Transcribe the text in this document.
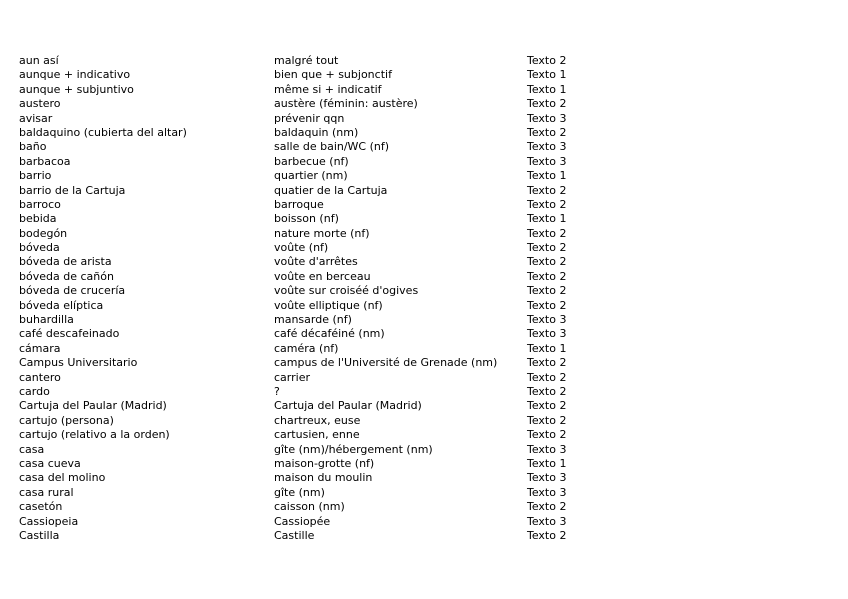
aun así	malgré tout	Texto 2
aunque + indicativo	bien que + subjonctif	Texto 1
aunque + subjuntivo	même si + indicatif	Texto 1
austero	austère (féminin: austère)	Texto 2
avisar	prévenir qqn	Texto 3
baldaquino (cubierta del altar)	baldaquin (nm)	Texto 2
baño	salle de bain/WC (nf)	Texto 3
barbacoa	barbecue (nf)	Texto 3
barrio	quartier (nm)	Texto 1
barrio de la Cartuja	quatier de la Cartuja	Texto 2
barroco	barroque	Texto 2
bebida	boisson (nf)	Texto 1
bodegón	nature morte (nf)	Texto 2
bóveda	voûte (nf)	Texto 2
bóveda de arista	voûte d'arrêtes	Texto 2
bóveda de cañón	voûte en berceau	Texto 2
bóveda de crucería	voûte sur croiséé d'ogives	Texto 2
bóveda elíptica	voûte elliptique (nf)	Texto 2
buhardilla	mansarde (nf)	Texto 3
café descafeinado	café décaféiné (nm)	Texto 3
cámara	caméra (nf)	Texto 1
Campus Universitario	campus de l'Université de Grenade (nm)	Texto 2
cantero	carrier	Texto 2
cardo	?	Texto 2
Cartuja del Paular (Madrid)	Cartuja del Paular (Madrid)	Texto 2
cartujo (persona)	chartreux, euse	Texto 2
cartujo (relativo a la orden)	cartusien, enne	Texto 2
casa	gîte (nm)/hébergement (nm)	Texto 3
casa cueva	maison-grotte (nf)	Texto 1
casa del molino	maison du moulin	Texto 3
casa rural	gîte (nm)	Texto 3
casetón	caisson (nm)	Texto 2
Cassiopeia	Cassiopée	Texto 3
Castilla	Castille	Texto 2
